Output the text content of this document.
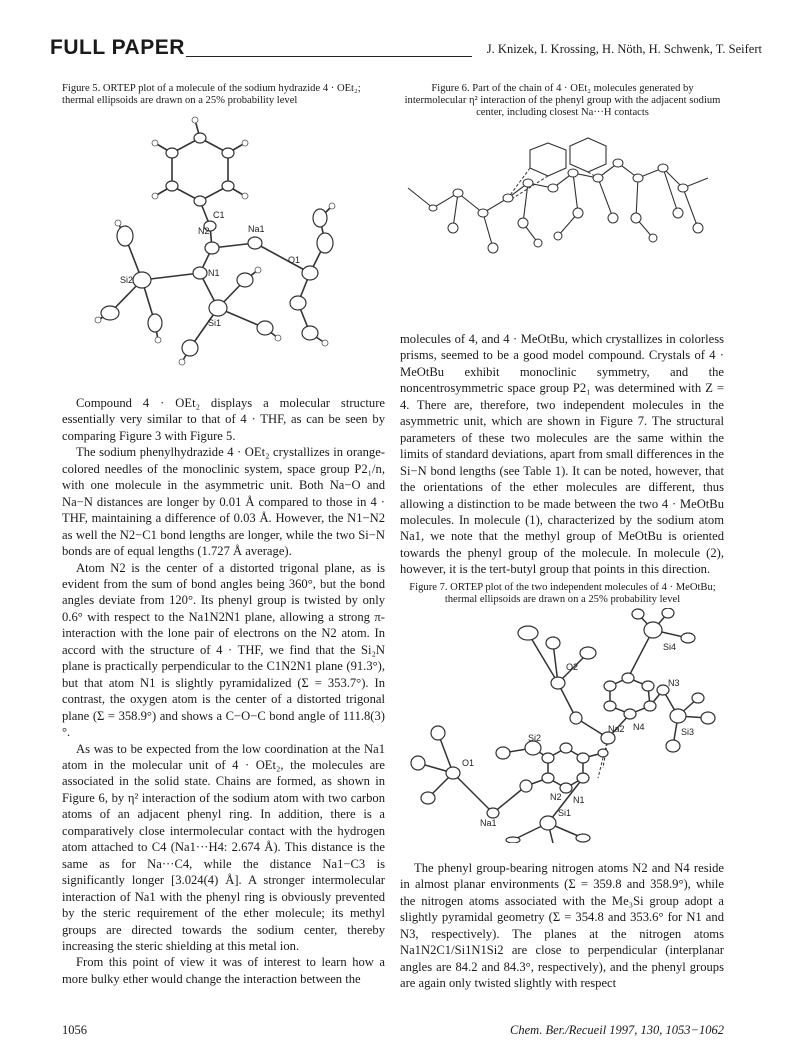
FULL PAPER	J. Knizek, I. Krossing, H. Nöth, H. Schwenk, T. Seifert
Figure 5. ORTEP plot of a molecule of the sodium hydrazide 4 · OEt₂; thermal ellipsoids are drawn on a 25% probability level
Figure 6. Part of the chain of 4 · OEt₂ molecules generated by intermolecular η² interaction of the phenyl group with the adjacent sodium center, including closest Na···H contacts
C1
N2	Na1
O1
Si2
N1
Si1

Compound 4 · OEt₂ displays a molecular structure essentially very similar to that of 4 · THF, as can be seen by comparing Figure 3 with Figure 5.

The sodium phenylhydrazide 4 · OEt₂ crystallizes in orange-colored needles of the monoclinic system, space group P2₁/n, with one molecule in the asymmetric unit. Both Na−O and Na−N distances are longer by 0.01 Å compared to those in 4 · THF, maintaining a difference of 0.03 Å. However, the N1−N2 as well the N2−C1 bond lengths are longer, while the two Si−N bonds are of equal lengths (1.727 Å average).

Atom N2 is the center of a distorted trigonal plane, as is evident from the sum of bond angles being 360°, but the bond angles deviate from 120°. Its phenyl group is twisted by only 0.6° with respect to the Na1N2N1 plane, allowing a strong π-interaction with the lone pair of electrons on the N2 atom. In accord with the structure of 4 · THF, we find that the Si₂N plane is practically perpendicular to the C1N2N1 plane (91.3°), but that atom N1 is slightly pyramidalized (Σ = 353.7°). In contrast, the oxygen atom is the center of a distorted trigonal plane (Σ = 358.9°) and shows a C−O−C bond angle of 111.8(3)°.

As was to be expected from the low coordination at the Na1 atom in the molecular unit of 4 · OEt₂, the molecules are associated in the solid state. Chains are formed, as shown in Figure 6, by η² interaction of the sodium atom with two carbon atoms of an adjacent phenyl ring. In addition, there is a comparatively close intermolecular contact with the hydrogen atom attached to C4 (Na1···H4: 2.674 Å). This distance is the same as for Na···C4, while the distance Na1−C3 is significantly longer [3.024(4) Å]. A stronger intermolecular interaction of Na1 with the phenyl ring is obviously prevented by the steric requirement of the ether molecule; its methyl groups are directed towards the sodium center, thereby increasing the steric shielding at this metal ion.

From this point of view it was of interest to learn how a more bulky ether would change the interaction between the

molecules of 4, and 4 · MeOtBu, which crystallizes in colorless prisms, seemed to be a good model compound. Crystals of 4 · MeOtBu exhibit monoclinic symmetry, and the noncentrosymmetric space group P2₁ was determined with Z = 4. There are, therefore, two independent molecules in the asymmetric unit, which are shown in Figure 7. The structural parameters of these two molecules are the same within the limits of standard deviations, apart from small differences in the Si−N bond lengths (see Table 1). It can be noted, however, that the orientations of the ether molecules are different, thus allowing a distinction to be made between the two 4 · MeOtBu molecules. In molecule (1), characterized by the sodium atom Na1, we note that the methyl group of MeOtBu is oriented towards the phenyl group of the molecule. In molecule (2), however, it is the tert-butyl group that points in this direction.

Figure 7. ORTEP plot of the two independent molecules of 4 · MeOtBu; thermal ellipsoids are drawn on a 25% probability level
O2
Si4
N4
N3
Na2	Si3
Si2
O1
N1
N2
Na1
Si1

The phenyl group-bearing nitrogen atoms N2 and N4 reside in almost planar environments (Σ = 359.8 and 358.9°), while the nitrogen atoms associated with the Me₃Si group adopt a slightly pyramidal geometry (Σ = 354.8 and 353.6° for N1 and N3, respectively). The planes at the nitrogen atoms Na1N2C1/Si1N1Si2 are close to perpendicular (interplanar angles are 84.2 and 84.3°, respectively), and the phenyl groups are again only twisted slightly with respect

1056	Chem. Ber./Recueil 1997, 130, 1053−1062
